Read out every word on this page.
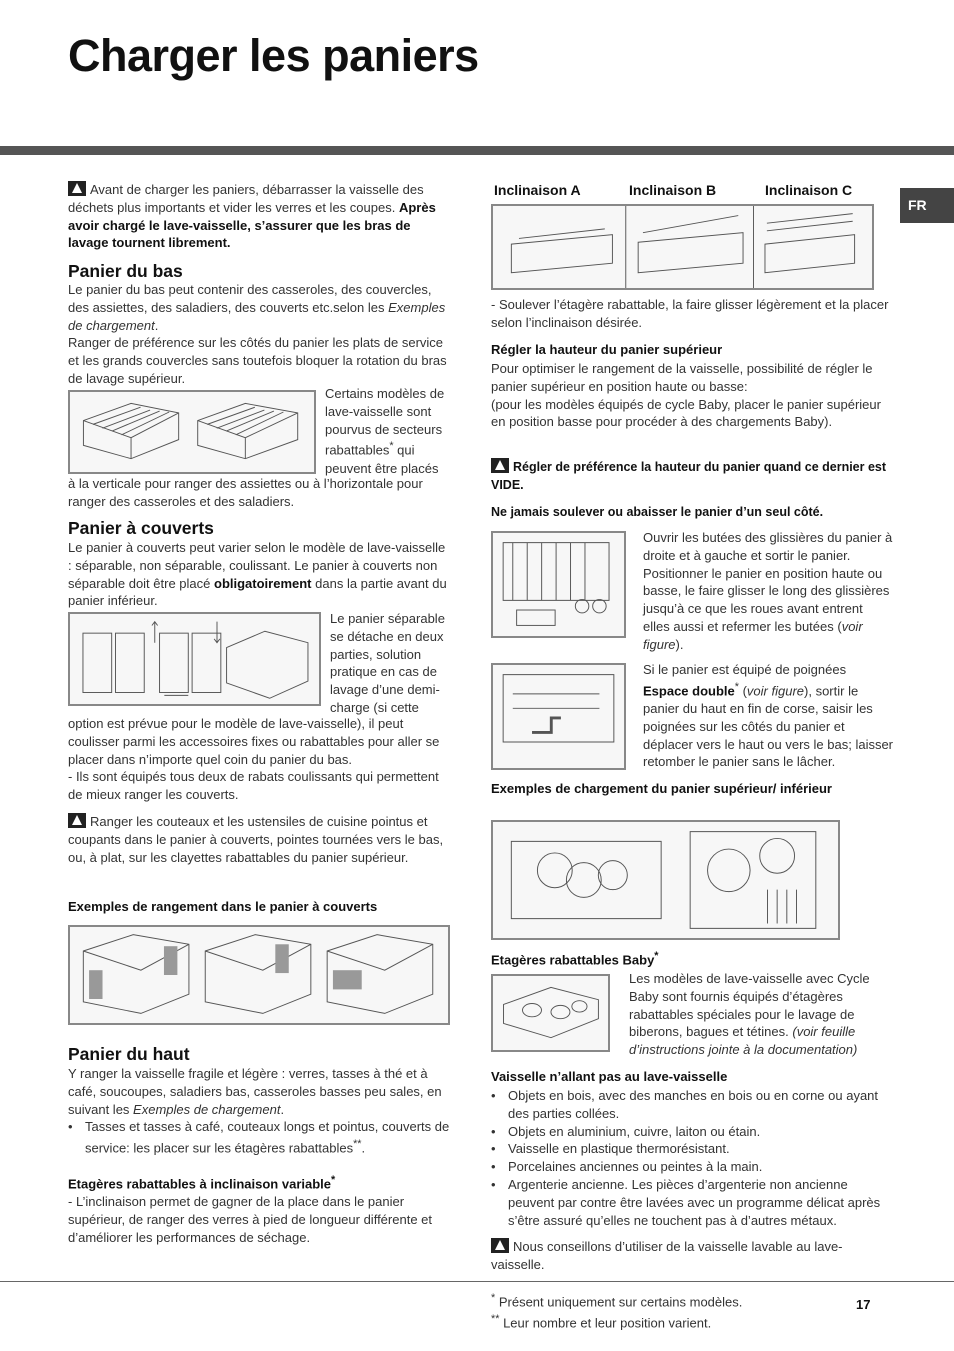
Charger les paniers
FR

Avant de charger les paniers, débarrasser la vaisselle des déchets plus importants et vider les verres et les coupes. Après avoir chargé le lave-vaisselle, s’assurer que les bras de lavage tournent librement.

Panier du bas

Le panier du bas peut contenir des casseroles, des couvercles, des assiettes, des saladiers, des couverts etc.selon les Exemples de chargement.
Ranger de préférence sur les côtés du panier les plats de service et les grands couvercles sans toutefois bloquer la rotation du bras de lavage supérieur.

Certains modèles de lave-vaisselle sont pourvus de secteurs rabattables* qui peuvent être placés

à la verticale pour ranger des assiettes ou à l’horizontale pour ranger des casseroles et des saladiers.

Panier à couverts

Le panier à couverts peut varier selon le modèle de lave-vaisselle : séparable, non séparable, coulissant. Le panier à couverts non séparable doit être placé obligatoirement dans la partie avant du panier inférieur.

Le panier séparable se détache en deux parties, solution pratique en cas de lavage d’une demi-charge (si cette

option est prévue pour le modèle de lave-vaisselle), il peut coulisser parmi les accessoires fixes ou rabattables pour aller se placer dans n’importe quel coin du panier du bas.
- Ils sont équipés tous deux de rabats coulissants qui permettent de mieux ranger les couverts.

Ranger les couteaux et les ustensiles de cuisine pointus et coupants dans le panier à couverts, pointes tournées vers le bas, ou, à plat, sur les clayettes rabattables du panier supérieur.

Exemples de rangement dans le panier à couverts

Panier du haut

Y ranger la vaisselle fragile et légère : verres, tasses à thé et à café, soucoupes, saladiers bas, casseroles basses peu sales, en suivant les Exemples de chargement.

• Tasses et tasses à café, couteaux longs et pointus, couverts de service: les placer sur les étagères rabattables**.

Etagères rabattables à inclinaison variable*

- L’inclinaison permet de gagner de la place dans le panier supérieur, de ranger des verres à pied de longueur différente et d’améliorer les performances de séchage.

Inclinaison A	Inclinaison B	Inclinaison C

- Soulever l’étagère rabattable, la faire glisser légèrement et la placer selon l’inclinaison désirée.

Régler la hauteur du panier supérieur

Pour optimiser le rangement de la vaisselle, possibilité de régler le panier supérieur en position haute ou basse:
(pour les modèles équipés de cycle Baby, placer le panier supérieur en position basse pour procéder à des chargements Baby).

Régler de préférence la hauteur du panier quand ce dernier est VIDE.

Ne jamais soulever ou abaisser le panier d’un seul côté.

Ouvrir les butées des glissières du panier à droite et à gauche et sortir le panier. Positionner le panier en position haute ou basse, le faire glisser le long des glissières jusqu’à ce que les roues avant entrent elles aussi et refermer les butées (voir figure).

Si le panier est équipé de poignées Espace double* (voir figure), sortir le panier du haut en fin de corse, saisir les poignées sur les côtés du panier et déplacer vers le haut ou vers le bas; laisser retomber le panier sans le lâcher.

Exemples de chargement du panier supérieur/ inférieur

Etagères rabattables Baby*

Les modèles de lave-vaisselle avec Cycle Baby sont fournis équipés d’étagères rabattables spéciales pour le lavage de biberons, bagues et tétines. (voir feuille d’instructions jointe à la documentation)

Vaisselle n’allant pas au lave-vaisselle

• Objets en bois, avec des manches en bois ou en corne ou ayant des parties collées.
• Objets en aluminium, cuivre, laiton ou étain.
• Vaisselle en plastique thermorésistant.
• Porcelaines anciennes ou peintes à la main.
• Argenterie ancienne. Les pièces d’argenterie non ancienne peuvent par contre être lavées avec un programme délicat après s’être assuré qu’elles ne touchent pas à d’autres métaux.

Nous conseillons d’utiliser de la vaisselle lavable au lave-vaisselle.

* Présent uniquement sur certains modèles.
** Leur nombre et leur position varient.

17
